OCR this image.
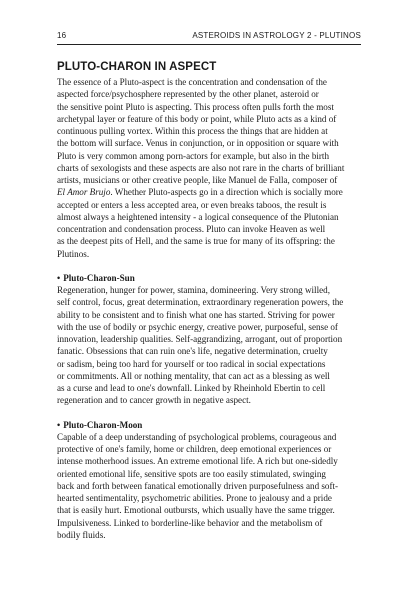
16	ASTEROIDS IN ASTROLOGY 2 - PLUTINOS
PLUTO-CHARON IN ASPECT

The essence of a Pluto-aspect is the concentration and condensation of the
aspected force/psychosphere represented by the other planet, asteroid or
the sensitive point Pluto is aspecting. This process often pulls forth the most
archetypal layer or feature of this body or point, while Pluto acts as a kind of
continuous pulling vortex. Within this process the things that are hidden at
the bottom will surface. Venus in conjunction, or in opposition or square with
Pluto is very common among porn-actors for example, but also in the birth
charts of sexologists and these aspects are also not rare in the charts of brilliant
artists, musicians or other creative people, like Manuel de Falla, composer of
El Amor Brujo. Whether Pluto-aspects go in a direction which is socially more
accepted or enters a less accepted area, or even breaks taboos, the result is
almost always a heightened intensity - a logical consequence of the Plutonian
concentration and condensation process. Pluto can invoke Heaven as well
as the deepest pits of Hell, and the same is true for many of its offspring: the
Plutinos.

• Pluto-Charon-Sun

Regeneration, hunger for power, stamina, domineering. Very strong willed,
self control, focus, great determination, extraordinary regeneration powers, the
ability to be consistent and to finish what one has started. Striving for power
with the use of bodily or psychic energy, creative power, purposeful, sense of
innovation, leadership qualities. Self-aggrandizing, arrogant, out of proportion
fanatic. Obsessions that can ruin one's life, negative determination, cruelty
or sadism, being too hard for yourself or too radical in social expectations
or commitments. All or nothing mentality, that can act as a blessing as well
as a curse and lead to one's downfall. Linked by Rheinhold Ebertin to cell
regeneration and to cancer growth in negative aspect.

• Pluto-Charon-Moon

Capable of a deep understanding of psychological problems, courageous and
protective of one's family, home or children, deep emotional experiences or
intense motherhood issues. An extreme emotional life. A rich but one-sidedly
oriented emotional life, sensitive spots are too easily stimulated, swinging
back and forth between fanatical emotionally driven purposefulness and soft-
hearted sentimentality, psychometric abilities. Prone to jealousy and a pride
that is easily hurt. Emotional outbursts, which usually have the same trigger.
Impulsiveness. Linked to borderline-like behavior and the metabolism of
bodily fluids.
